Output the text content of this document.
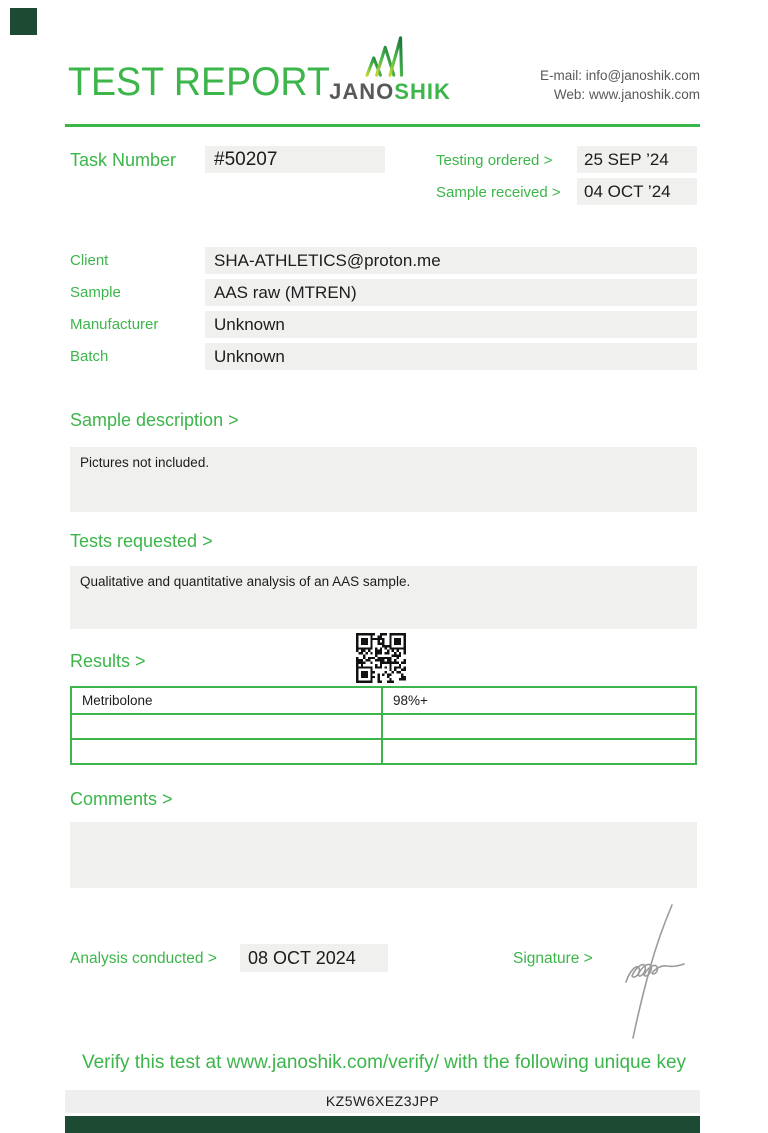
TEST REPORT JANOSHIK
E-mail: info@janoshik.com
Web: www.janoshik.com
Task Number	#50207	Testing ordered >	25 SEP ’24
Sample received >	04 OCT ’24
Client	SHA-ATHLETICS@proton.me
Sample	AAS raw (MTREN)
Manufacturer	Unknown
Batch	Unknown
Sample description >
Pictures not included.
Tests requested >
Qualitative and quantitative analysis of an AAS sample.
Results >
Metribolone	98%+
Comments >
Analysis conducted >	08 OCT 2024	Signature >
Verify this test at www.janoshik.com/verify/ with the following unique key
KZ5W6XEZ3JPP
